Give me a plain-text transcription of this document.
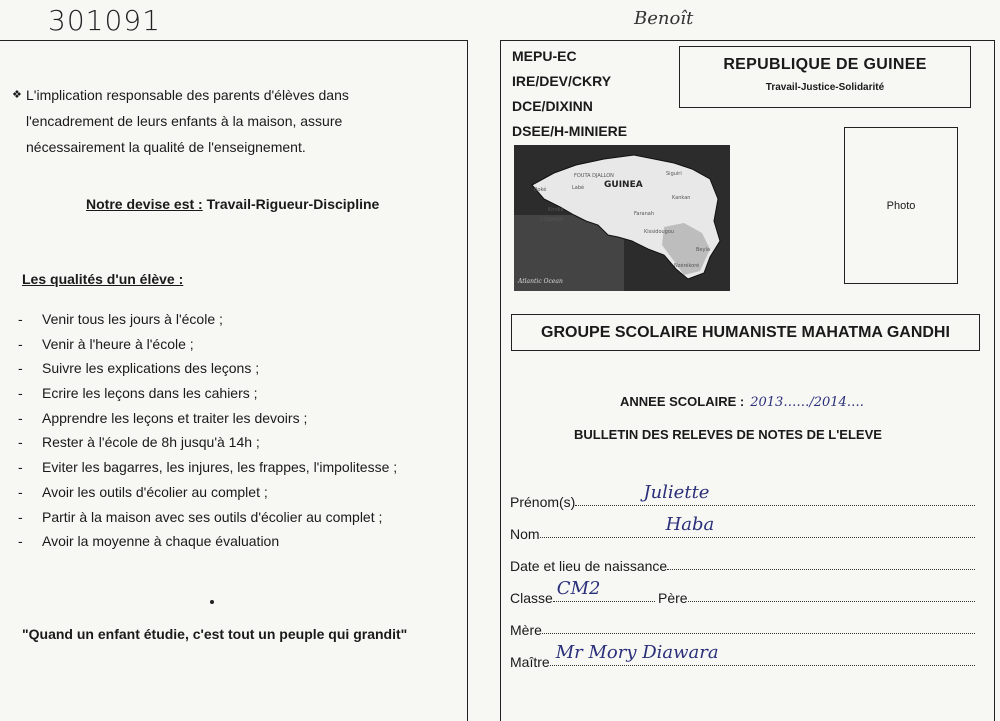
301091	Benoît
❖ L'implication responsable des parents d'élèves dans l'encadrement de leurs enfants à la maison, assure nécessairement la qualité de l'enseignement.
Notre devise est : Travail-Rigueur-Discipline
Les qualités d'un élève :
- Venir tous les jours à l'école ;
- Venir à l'heure à l'école ;
- Suivre les explications des leçons ;
- Ecrire les leçons dans les cahiers ;
- Apprendre les leçons et traiter les devoirs ;
- Rester à l'école de 8h jusqu'à 14h ;
- Eviter les bagarres, les injures, les frappes, l'impolitesse ;
- Avoir les outils d'écolier au complet ;
- Partir à la maison avec ses outils d'écolier au complet ;
- Avoir la moyenne à chaque évaluation
"Quand un enfant étudie, c'est tout un peuple qui grandit"
MEPU-EC
IRE/DEV/CKRY
DCE/DIXINN
DSEE/H-MINIERE
REPUBLIQUE DE GUINEE
Travail-Justice-Solidarité
Photo
FOUTA DJALLON
CONAKRY
Labé
Kindia
Boké
Siguiri
Kankan
Faranah
Kissidougou
Beyla
Nzérékoré
GUINEA
Atlantic Ocean
GROUPE SCOLAIRE HUMANISTE MAHATMA GANDHI
ANNEE SCOLAIRE : 2013……/2014….
BULLETIN DES RELEVES DE NOTES DE L'ELEVE
Prénom(s)	Juliette
Nom	Haba
Date et lieu de naissance
Classe CM2	Père
Mère
Maître Mr Mory Diawara
